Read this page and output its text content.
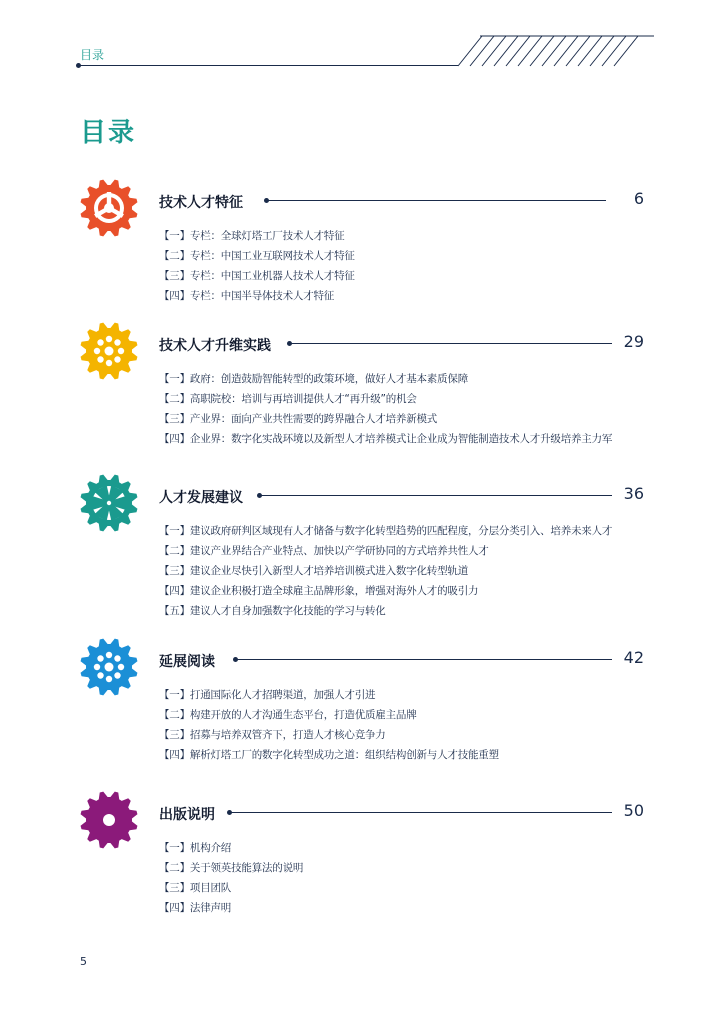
目录
目录
技术人才特征	6
【一】专栏：全球灯塔工厂技术人才特征
【二】专栏：中国工业互联网技术人才特征
【三】专栏：中国工业机器人技术人才特征
【四】专栏：中国半导体技术人才特征
技术人才升维实践	29
【一】政府：创造鼓励智能转型的政策环境，做好人才基本素质保障
【二】高职院校：培训与再培训提供人才“再升级”的机会
【三】产业界：面向产业共性需要的跨界融合人才培养新模式
【四】企业界：数字化实战环境以及新型人才培养模式让企业成为智能制造技术人才升级培养主力军
人才发展建议	36
【一】建议政府研判区域现有人才储备与数字化转型趋势的匹配程度，分层分类引入、培养未来人才
【二】建议产业界结合产业特点、加快以产学研协同的方式培养共性人才
【三】建议企业尽快引入新型人才培养培训模式进入数字化转型轨道
【四】建议企业积极打造全球雇主品牌形象，增强对海外人才的吸引力
【五】建议人才自身加强数字化技能的学习与转化
延展阅读	42
【一】打通国际化人才招聘渠道，加强人才引进
【二】构建开放的人才沟通生态平台，打造优质雇主品牌
【三】招募与培养双管齐下，打造人才核心竞争力
【四】解析灯塔工厂的数字化转型成功之道：组织结构创新与人才技能重塑
出版说明	50
【一】机构介绍
【二】关于领英技能算法的说明
【三】项目团队
【四】法律声明
5
